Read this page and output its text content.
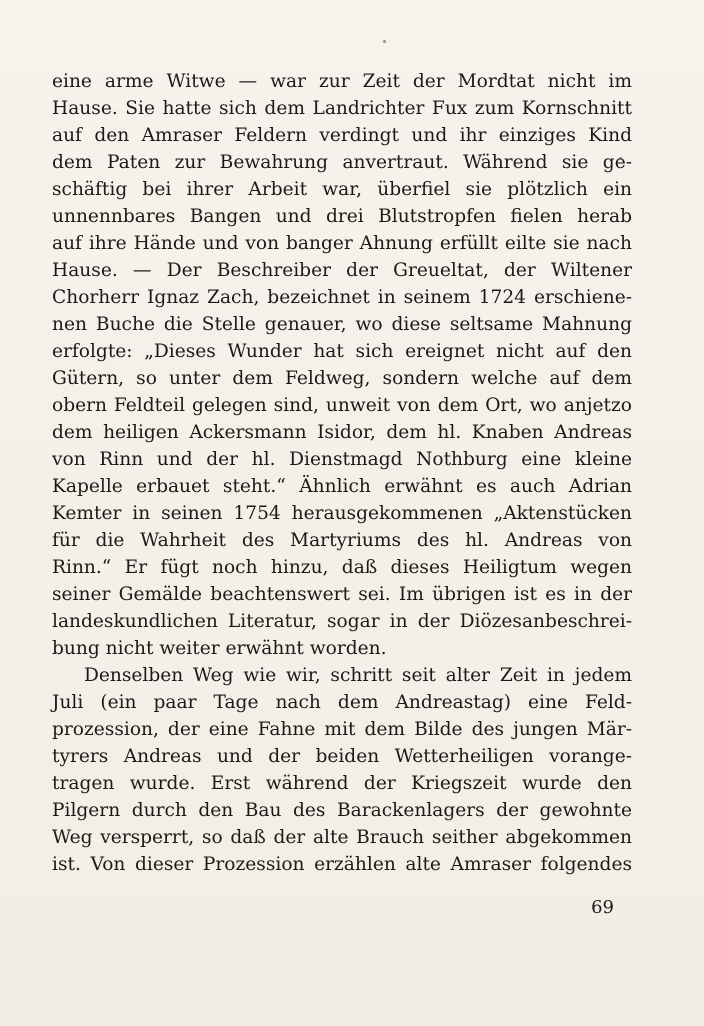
eine arme Witwe — war zur Zeit der Mordtat nicht im
Hause. Sie hatte sich dem Landrichter Fux zum Kornschnitt
auf den Amraser Feldern verdingt und ihr einziges Kind
dem Paten zur Bewahrung anvertraut. Während sie ge-
schäftig bei ihrer Arbeit war, überfiel sie plötzlich ein
unnennbares Bangen und drei Blutstropfen fielen herab
auf ihre Hände und von banger Ahnung erfüllt eilte sie nach
Hause. — Der Beschreiber der Greueltat, der Wiltener
Chorherr Ignaz Zach, bezeichnet in seinem 1724 erschiene-
nen Buche die Stelle genauer, wo diese seltsame Mahnung
erfolgte: „Dieses Wunder hat sich ereignet nicht auf den
Gütern, so unter dem Feldweg, sondern welche auf dem
obern Feldteil gelegen sind, unweit von dem Ort, wo anjetzo
dem heiligen Ackersmann Isidor, dem hl. Knaben Andreas
von Rinn und der hl. Dienstmagd Nothburg eine kleine
Kapelle erbauet steht.“ Ähnlich erwähnt es auch Adrian
Kemter in seinen 1754 herausgekommenen „Aktenstücken
für die Wahrheit des Martyriums des hl. Andreas von
Rinn.“ Er fügt noch hinzu, daß dieses Heiligtum wegen
seiner Gemälde beachtenswert sei. Im übrigen ist es in der
landeskundlichen Literatur, sogar in der Diözesanbeschrei-
bung nicht weiter erwähnt worden.
Denselben Weg wie wir, schritt seit alter Zeit in jedem
Juli (ein paar Tage nach dem Andreastag) eine Feld-
prozession, der eine Fahne mit dem Bilde des jungen Mär-
tyrers Andreas und der beiden Wetterheiligen vorange-
tragen wurde. Erst während der Kriegszeit wurde den
Pilgern durch den Bau des Barackenlagers der gewohnte
Weg versperrt, so daß der alte Brauch seither abgekommen
ist. Von dieser Prozession erzählen alte Amraser folgendes
69
